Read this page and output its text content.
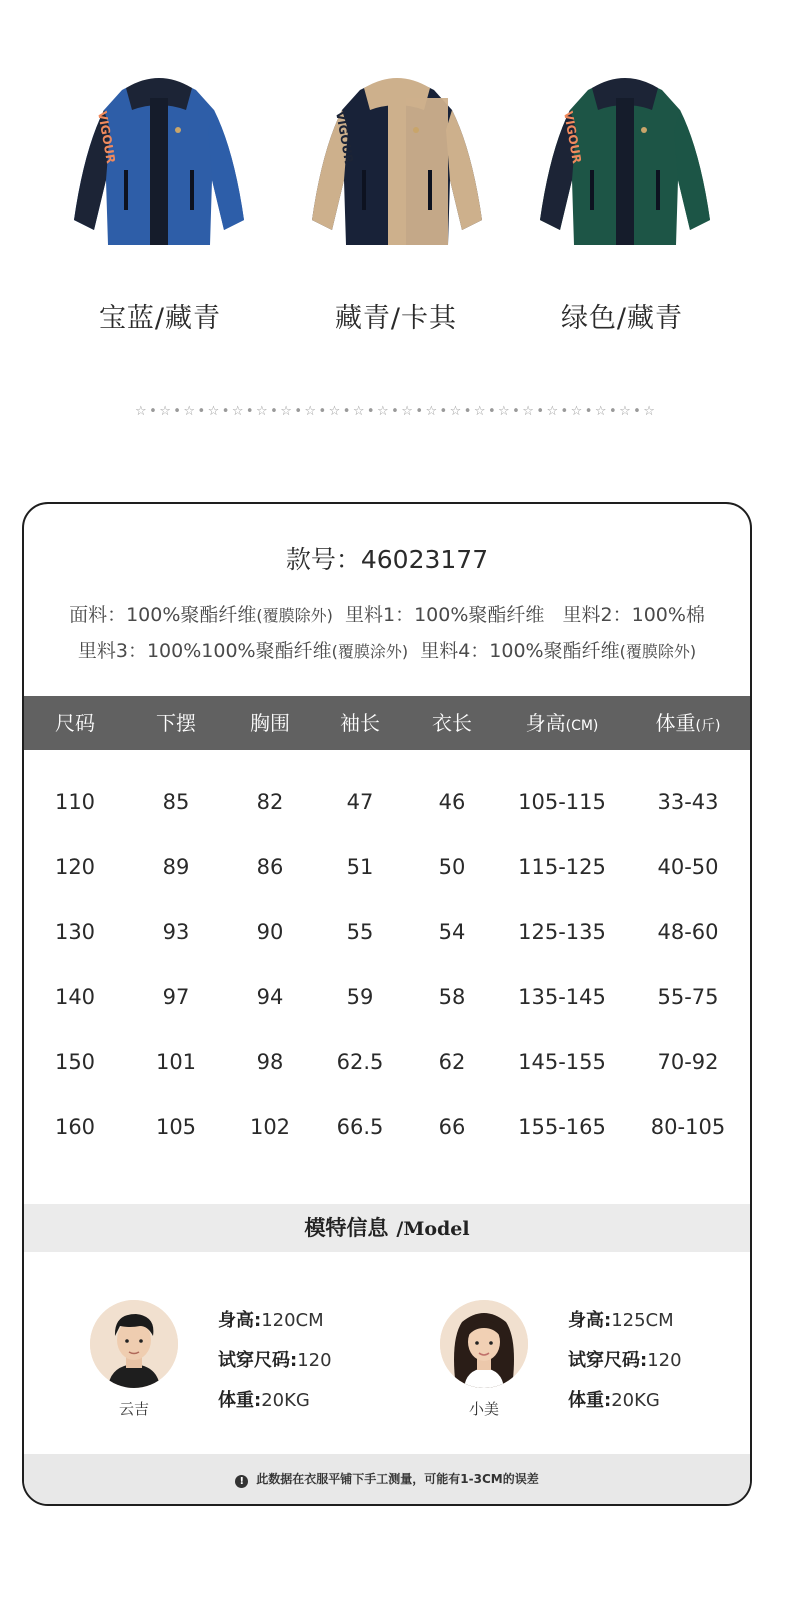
VIGOUR	VIGOUR	VIGOUR
宝蓝/藏青	藏青/卡其	绿色/藏青
☆ • ☆ • ☆ • ☆ • ☆ • ☆ • ☆ • ☆ • ☆ • ☆ • ☆ • ☆ • ☆ • ☆ • ☆ • ☆ • ☆ • ☆ • ☆ • ☆ • ☆ • ☆
款号：46023177
面料：100%聚酯纤维(覆膜除外)  里料1：100%聚酯纤维   里料2：100%棉
里料3：100%100%聚酯纤维(覆膜涂外)  里料4：100%聚酯纤维(覆膜除外)
尺码	下摆	胸围	袖长	衣长	身高(CM)	体重(斤)
110	85	82	47	46	105-115	33-43
120	89	86	51	50	115-125	40-50
130	93	90	55	54	125-135	48-60
140	97	94	59	58	135-145	55-75
150	101	98	62.5	62	145-155	70-92
160	105	102	66.5	66	155-165	80-105
模特信息 /Model
云吉
身高:120CM
试穿尺码:120
体重:20KG	小美
身高:125CM
试穿尺码:120
体重:20KG
! 此数据在衣服平铺下手工测量，可能有1-3CM的误差
